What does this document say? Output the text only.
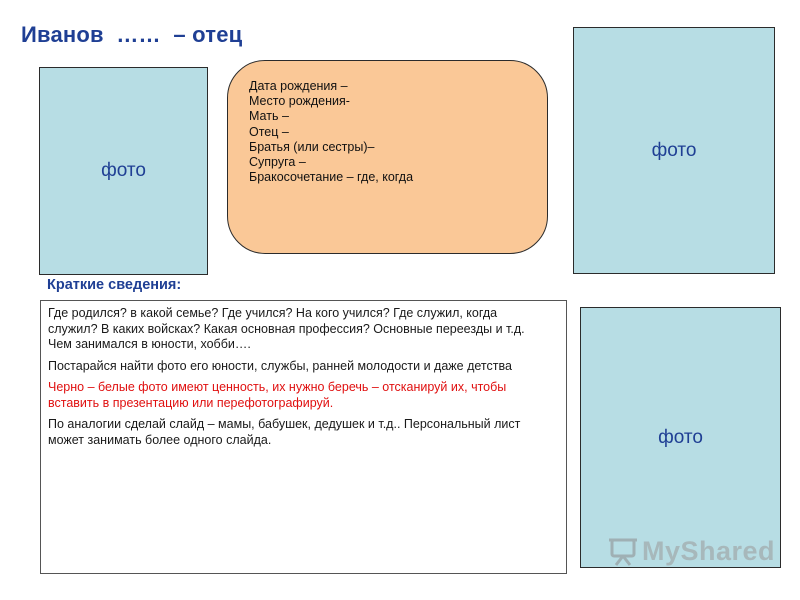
Иванов  ……  – отец
фото
Дата рождения –
Место рождения-
Мать –
Отец –
Братья (или сестры)–
Супруга –
Бракосочетание – где, когда
фото
Краткие сведения:

Где родился? в какой семье? Где учился? На кого учился? Где служил, когда служил? В каких войсках? Какая основная профессия? Основные переезды и т.д. Чем занимался в юности, хобби….

Постарайся найти фото его юности, службы, ранней молодости и даже детства

Черно – белые фото имеют ценность, их нужно беречь – отсканируй их, чтобы вставить в презентацию или перефотографируй.

По аналогии сделай слайд – мамы, бабушек, дедушек и т.д.. Персональный лист может занимать более одного слайда.	фото
MyShared
